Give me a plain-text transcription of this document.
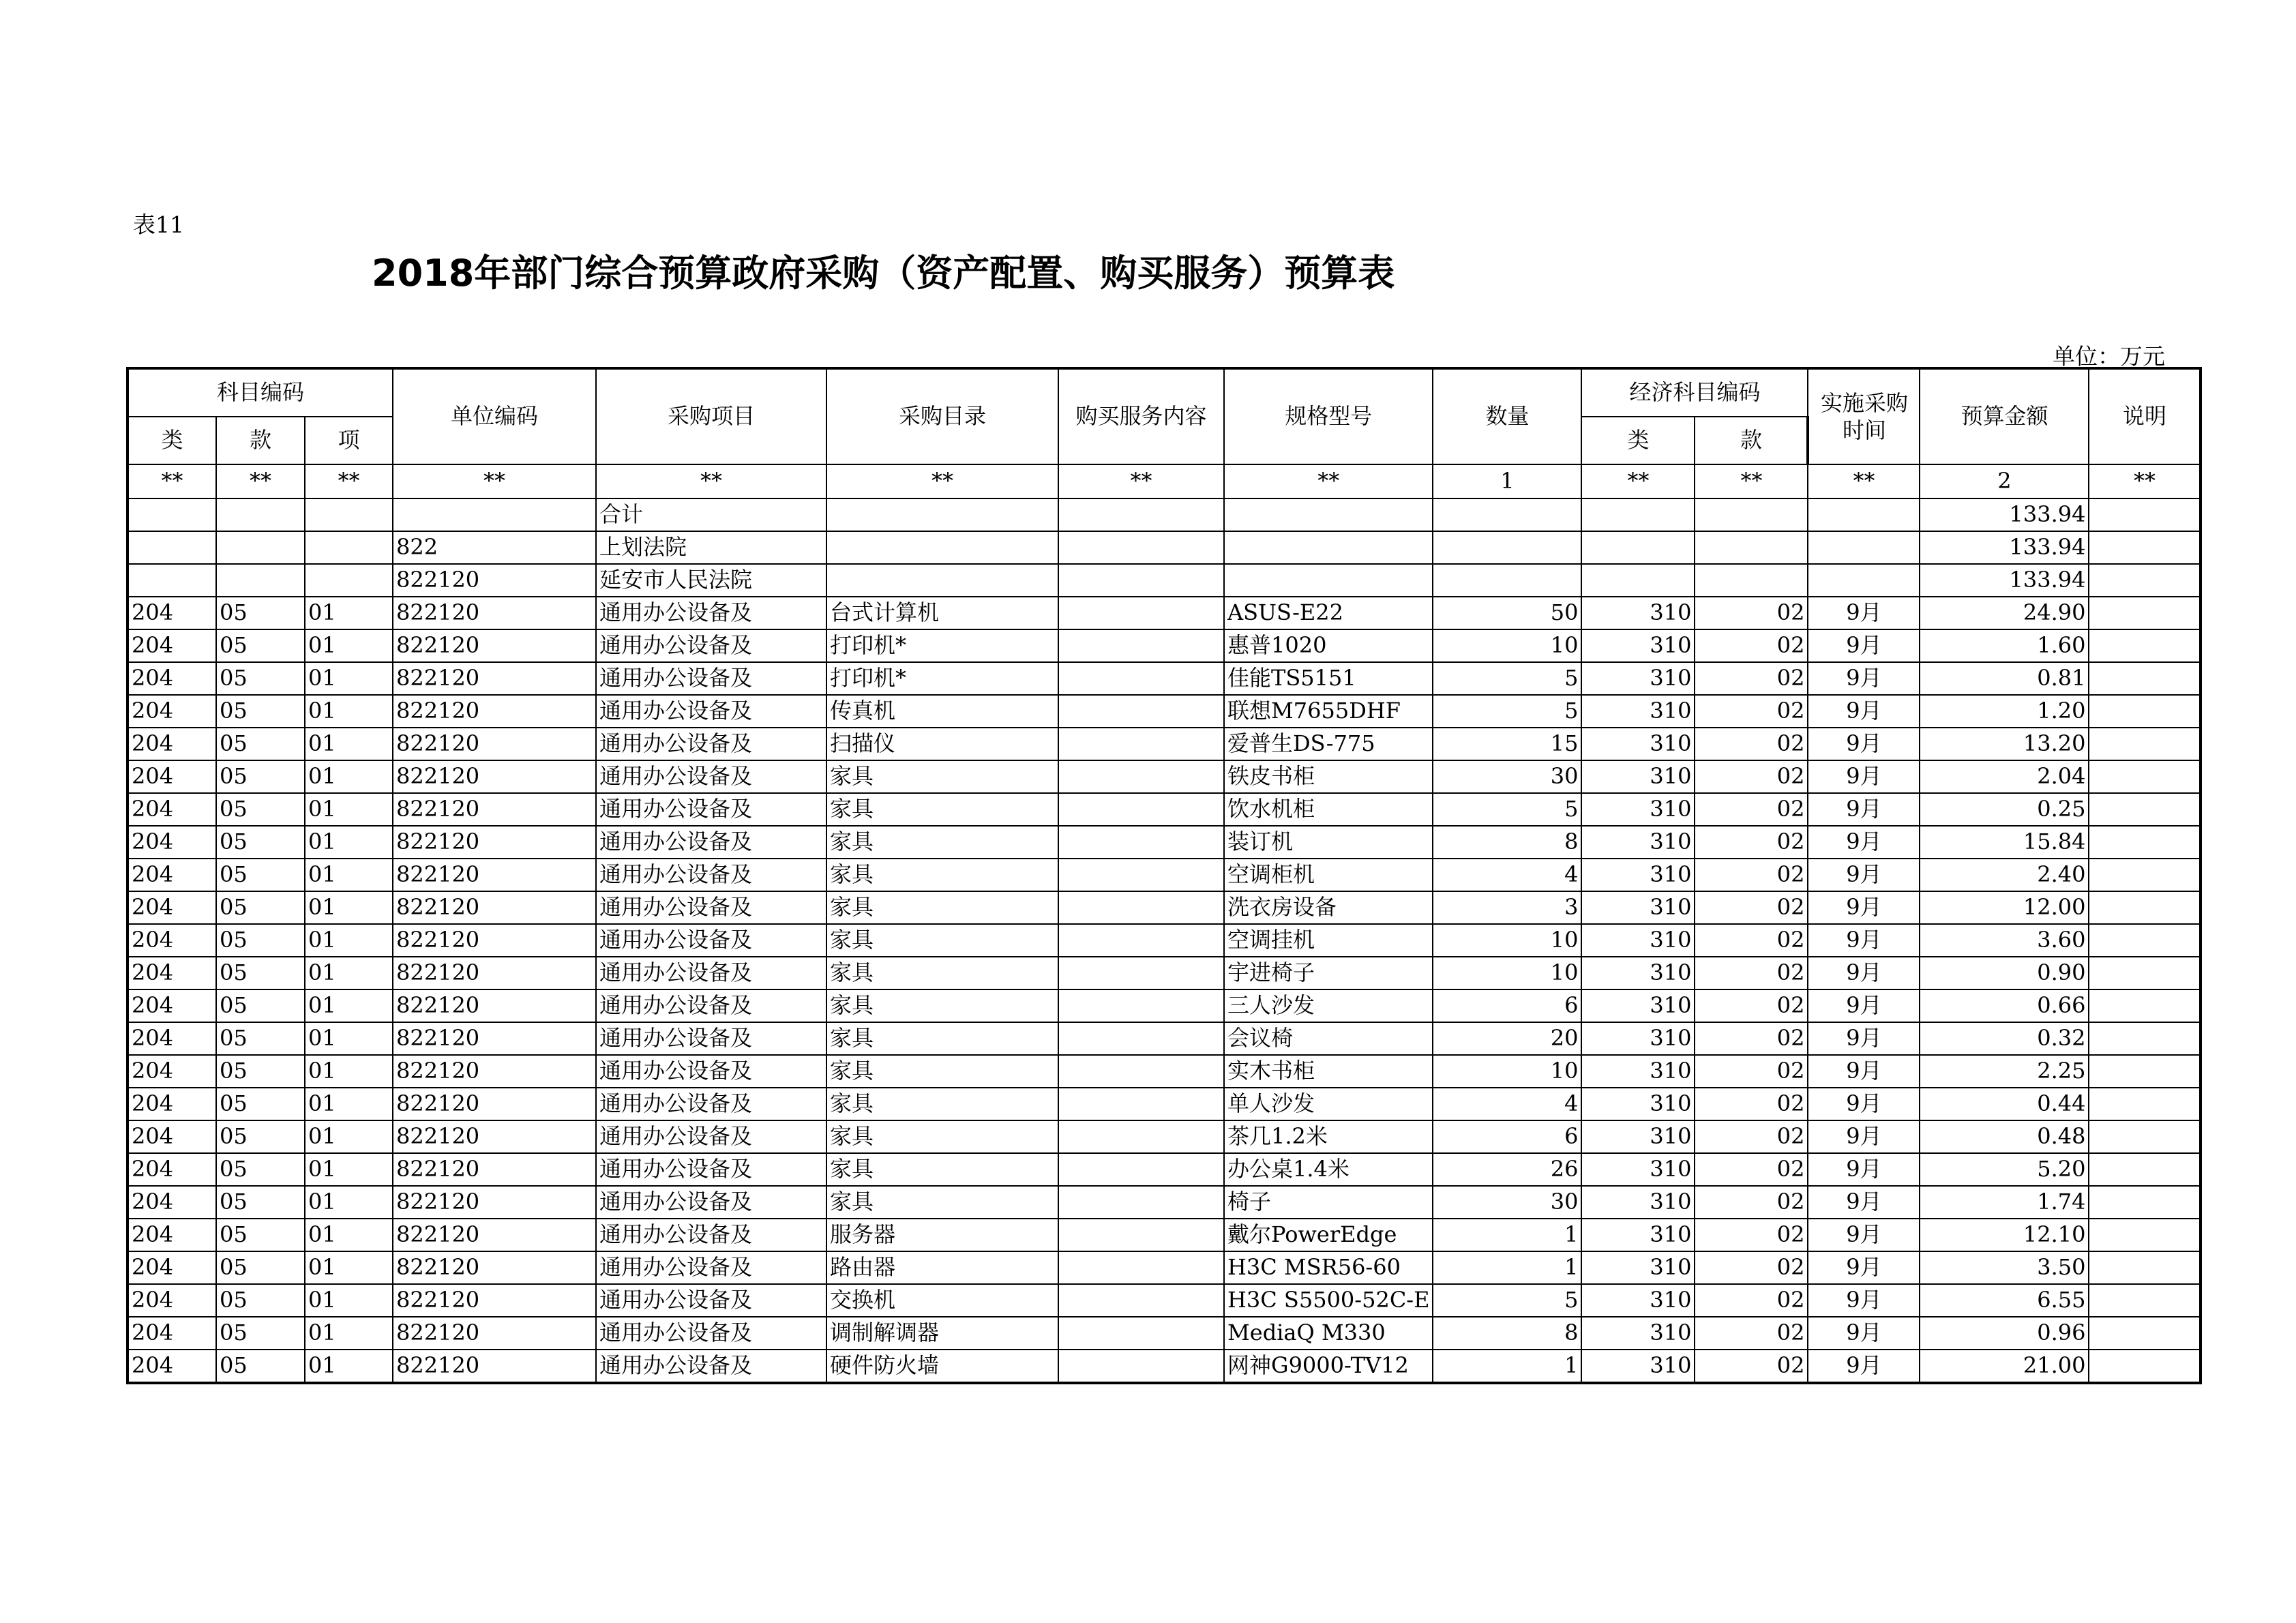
表11
2018年部门综合预算政府采购（资产配置、购买服务）预算表
单位：万元
科目编码			单位编码	采购项目	采购目录	购买服务内容	规格型号	数量	经济科目编码		实施采购时间	预算金额	说明
类	款	项							类	款			
**	**	**	**	**	**	**	**	1	**	**	**	2	**
				合计								133.94	
			822	上划法院								133.94	
			822120	延安市人民法院								133.94	
204	05	01	822120	通用办公设备及	台式计算机		ASUS-E22	50	310	02	9月	24.90	
204	05	01	822120	通用办公设备及	打印机*		惠普1020	10	310	02	9月	1.60	
204	05	01	822120	通用办公设备及	打印机*		佳能TS5151	5	310	02	9月	0.81	
204	05	01	822120	通用办公设备及	传真机		联想M7655DHF	5	310	02	9月	1.20	
204	05	01	822120	通用办公设备及	扫描仪		爱普生DS-775	15	310	02	9月	13.20	
204	05	01	822120	通用办公设备及	家具		铁皮书柜	30	310	02	9月	2.04	
204	05	01	822120	通用办公设备及	家具		饮水机柜	5	310	02	9月	0.25	
204	05	01	822120	通用办公设备及	家具		装订机	8	310	02	9月	15.84	
204	05	01	822120	通用办公设备及	家具		空调柜机	4	310	02	9月	2.40	
204	05	01	822120	通用办公设备及	家具		洗衣房设备	3	310	02	9月	12.00	
204	05	01	822120	通用办公设备及	家具		空调挂机	10	310	02	9月	3.60	
204	05	01	822120	通用办公设备及	家具		宇进椅子	10	310	02	9月	0.90	
204	05	01	822120	通用办公设备及	家具		三人沙发	6	310	02	9月	0.66	
204	05	01	822120	通用办公设备及	家具		会议椅	20	310	02	9月	0.32	
204	05	01	822120	通用办公设备及	家具		实木书柜	10	310	02	9月	2.25	
204	05	01	822120	通用办公设备及	家具		单人沙发	4	310	02	9月	0.44	
204	05	01	822120	通用办公设备及	家具		茶几1.2米	6	310	02	9月	0.48	
204	05	01	822120	通用办公设备及	家具		办公桌1.4米	26	310	02	9月	5.20	
204	05	01	822120	通用办公设备及	家具		椅子	30	310	02	9月	1.74	
204	05	01	822120	通用办公设备及	服务器		戴尔PowerEdge	1	310	02	9月	12.10	
204	05	01	822120	通用办公设备及	路由器		H3C MSR56-60	1	310	02	9月	3.50	
204	05	01	822120	通用办公设备及	交换机		H3C S5500-52C-E	5	310	02	9月	6.55	
204	05	01	822120	通用办公设备及	调制解调器		MediaQ M330	8	310	02	9月	0.96	
204	05	01	822120	通用办公设备及	硬件防火墙		网神G9000-TV12	1	310	02	9月	21.00	
